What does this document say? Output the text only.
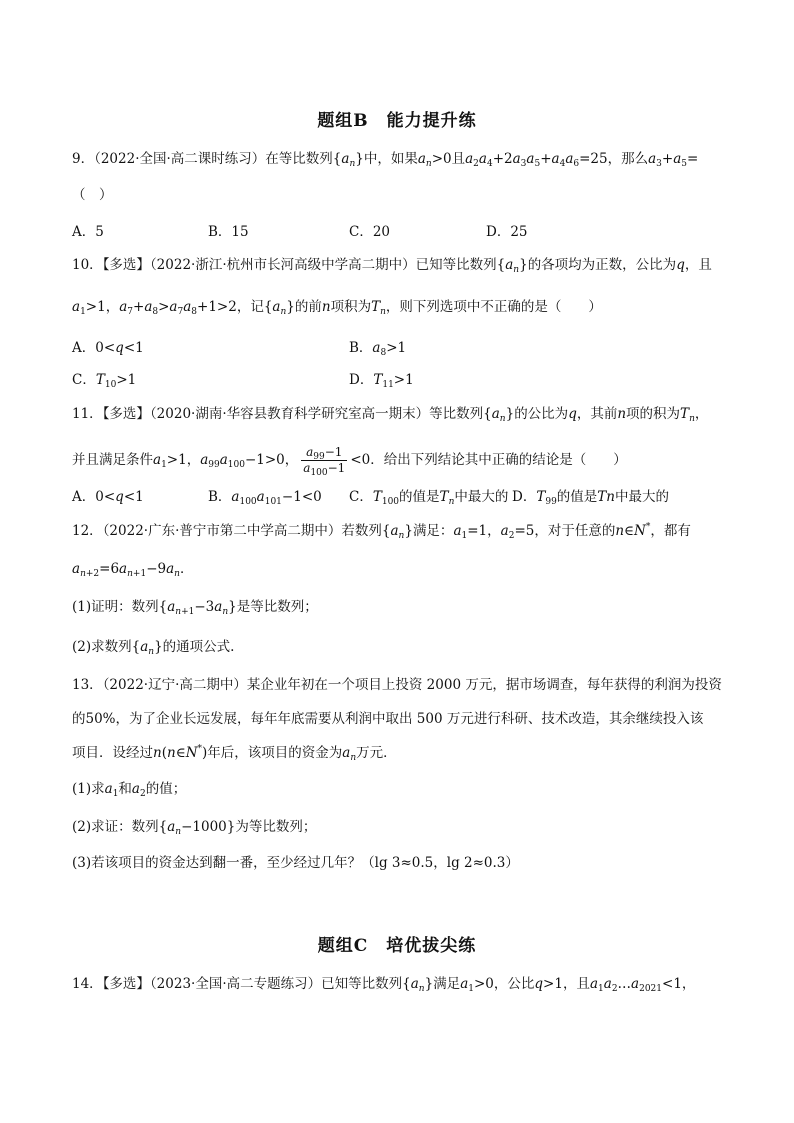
题组B　能力提升练
9．（2022·全国·高二课时练习）在等比数列$\{a_n\}$中，如果$a_n>0$且$a_2a_4+2a_3a_5+a_4a_6=25$，那么$a_3+a_5=$
（　）
A．5	B．15	C．20	D．25
10．【多选】（2022·浙江·杭州市长河高级中学高二期中）已知等比数列$\{a_n\}$的各项均为正数，公比为q，且
$a_1>1$，$a_7+a_8>a_7a_8+1>2$，记$\{a_n\}$的前n项积为$T_n$，则下列选项中不正确的是（　　）
A．0<q<1	B．$a_8>1$
C．$T_{10}>1$	D．$T_{11}>1$
11．【多选】（2020·湖南·华容县教育科学研究室高一期末）等比数列$\{a_n\}$的公比为q，其前n项的积为$T_n$，
并且满足条件$a_1>1$，$a_{99}a_{100}-1>0$， $\frac{a_{99}-1}{a_{100}-1} <0$．给出下列结论其中正确的结论是（　　）
A．0<q<1	B．$a_{100}a_{101}-1<0$ C．$T_{100}$的值是$T_n$中最大的 D．$T_{99}$的值是Tn中最大的
12．（2022·广东·普宁市第二中学高二期中）若数列$\{a_n\}$满足：$a_1=1$，$a_2=5$，对于任意的n∈N*，都有
$a_{n+2}=6a_{n+1}-9a_n$．
(1)证明：数列$\{a_{n+1}-3a_n\}$是等比数列；
(2)求数列$\{a_n\}$的通项公式.
13．（2022·辽宁·高二期中）某企业年初在一个项目上投资 2000 万元，据市场调查，每年获得的利润为投资
的50%，为了企业长远发展，每年年底需要从利润中取出 500 万元进行科研、技术改造，其余继续投入该
项目．设经过n(n∈N*)年后，该项目的资金为$a_n$万元．
(1)求$a_1$和$a_2$的值；
(2)求证：数列$\{a_n-1000\}$为等比数列；
(3)若该项目的资金达到翻一番，至少经过几年？（lg 3≈0.5，lg 2≈0.3）
题组C　培优拔尖练
14．【多选】（2023·全国·高二专题练习）已知等比数列$\{a_n\}$满足$a_1>0$，公比q>1，且$a_1a_2\dots a_{2021}<1$，
